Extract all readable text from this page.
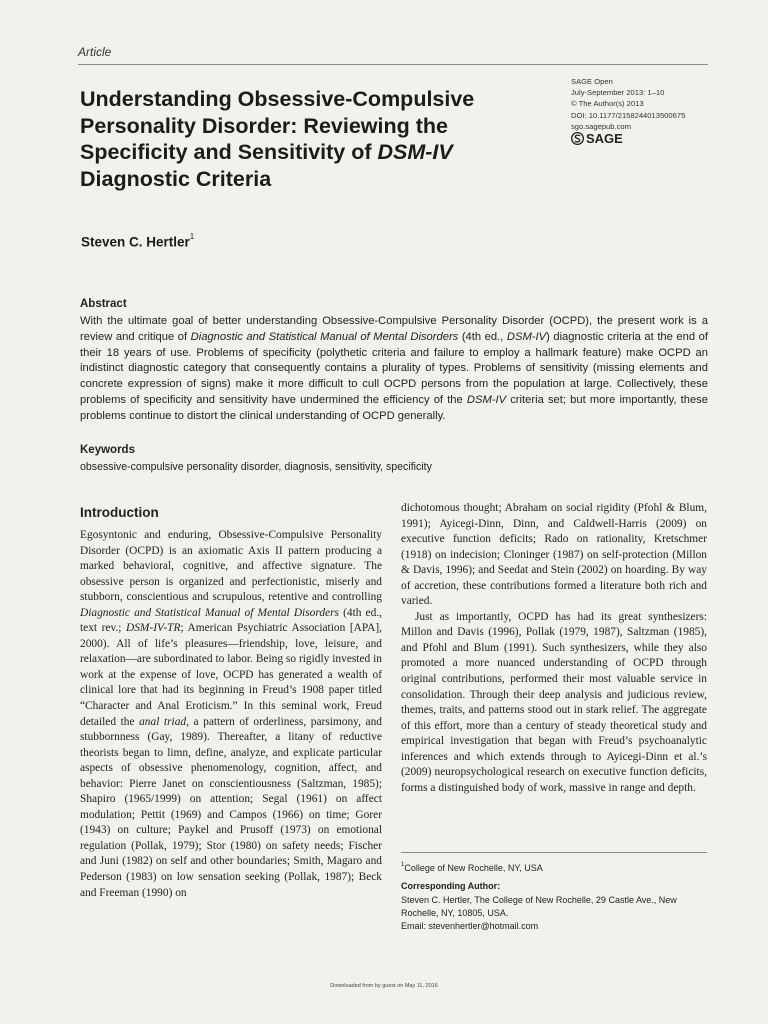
Article
Understanding Obsessive-Compulsive Personality Disorder: Reviewing the Specificity and Sensitivity of DSM-IV Diagnostic Criteria
Steven C. Hertler$^1$
SAGE Open
July-September 2013: 1–10
© The Author(s) 2013
DOI: 10.1177/2158244013500675
sgo.sagepub.com
SAGE
Abstract
With the ultimate goal of better understanding Obsessive-Compulsive Personality Disorder (OCPD), the present work is a review and critique of Diagnostic and Statistical Manual of Mental Disorders (4th ed., DSM-IV) diagnostic criteria at the end of their 18 years of use. Problems of specificity (polythetic criteria and failure to employ a hallmark feature) make OCPD an indistinct diagnostic category that consequently contains a plurality of types. Problems of sensitivity (missing elements and concrete expression of signs) make it more difficult to cull OCPD persons from the population at large. Collectively, these problems of specificity and sensitivity have undermined the efficiency of the DSM-IV criteria set; but more importantly, these problems continue to distort the clinical understanding of OCPD generally.
Keywords
obsessive-compulsive personality disorder, diagnosis, sensitivity, specificity
Introduction

Egosyntonic and enduring, Obsessive-Compulsive Personality Disorder (OCPD) is an axiomatic Axis II pattern producing a marked behavioral, cognitive, and affective signature. The obsessive person is organized and perfectionistic, miserly and stubborn, conscientious and scrupulous, retentive and controlling Diagnostic and Statistical Manual of Mental Disorders (4th ed., text rev.; DSM-IV-TR; American Psychiatric Association [APA], 2000). All of life’s pleasures—friendship, love, leisure, and relaxation—are subordinated to labor. Being so rigidly invested in work at the expense of love, OCPD has generated a wealth of clinical lore that had its beginning in Freud’s 1908 paper titled “Character and Anal Eroticism.” In this seminal work, Freud detailed the anal triad, a pattern of orderliness, parsimony, and stubbornness (Gay, 1989). Thereafter, a litany of reductive theorists began to limn, define, analyze, and explicate particular aspects of obsessive phenomenology, cognition, affect, and behavior: Pierre Janet on conscientiousness (Saltzman, 1985); Shapiro (1965/1999) on attention; Segal (1961) on affect modulation; Pettit (1969) and Campos (1966) on time; Gorer (1943) on culture; Paykel and Prusoff (1973) on emotional regulation (Pollak, 1979); Stor (1980) on safety needs; Fischer and Juni (1982) on self and other boundaries; Smith, Magaro and Pederson (1983) on low sensation seeking (Pollak, 1987); Beck and Freeman (1990) on

dichotomous thought; Abraham on social rigidity (Pfohl & Blum, 1991); Ayicegi-Dinn, Dinn, and Caldwell-Harris (2009) on executive function deficits; Rado on rationality, Kretschmer (1918) on indecision; Cloninger (1987) on self-protection (Millon & Davis, 1996); and Seedat and Stein (2002) on hoarding. By way of accretion, these contributions formed a literature both rich and varied.

Just as importantly, OCPD has had its great synthesizers: Millon and Davis (1996), Pollak (1979, 1987), Saltzman (1985), and Pfohl and Blum (1991). Such synthesizers, while they also promoted a more nuanced understanding of OCPD through original contributions, performed their most valuable service in consolidation. Through their deep analysis and judicious review, themes, traits, and patterns stood out in stark relief. The aggregate of this effort, more than a century of steady theoretical study and empirical investigation that began with Freud’s psychoanalytic inferences and which extends through to Ayicegi-Dinn et al.’s (2009) neuropsychological research on executive function deficits, forms a distinguished body of work, massive in range and depth.

$^1$College of New Rochelle, NY, USA
Corresponding Author:
Steven C. Hertler, The College of New Rochelle, 29 Castle Ave., New Rochelle, NY, 10805, USA.
Email: stevenhertler@hotmail.com
Downloaded from by guest on May 11, 2016
